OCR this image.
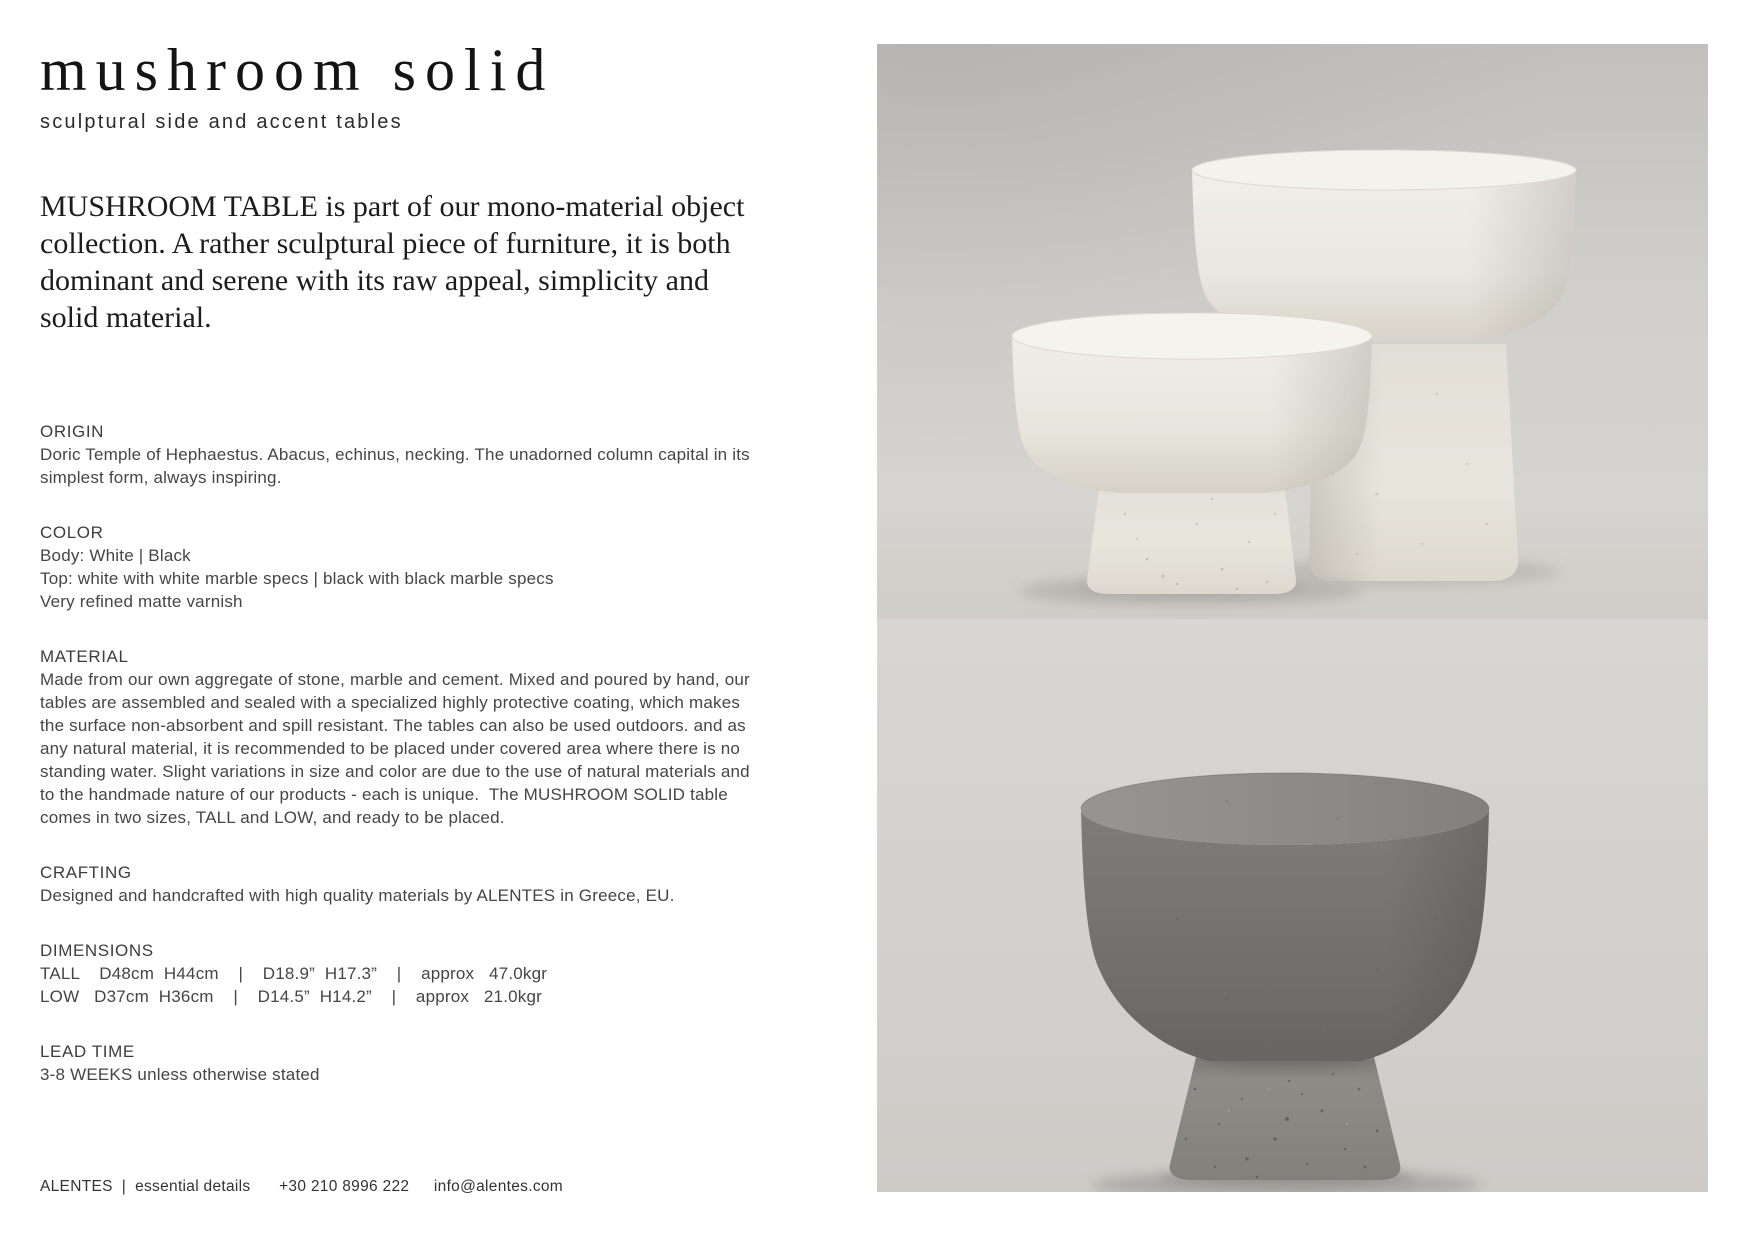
mushroom solid
sculptural side and accent tables

MUSHROOM TABLE is part of our mono-material object collection. A rather sculptural piece of furniture, it is both dominant and serene with its raw appeal, simplicity and solid material.

ORIGIN

Doric Temple of Hephaestus. Abacus, echinus, necking. The unadorned column capital in its simplest form, always inspiring.

COLOR

Body: White | Black

Top: white with white marble specs | black with black marble specs

Very refined matte varnish

MATERIAL

Made from our own aggregate of stone, marble and cement. Mixed and poured by hand, our tables are assembled and sealed with a specialized highly protective coating, which makes the surface non-absorbent and spill resistant. The tables can also be used outdoors. and as any natural material, it is recommended to be placed under covered area where there is no standing water. Slight variations in size and color are due to the use of natural materials and to the handmade nature of our products - each is unique.  The MUSHROOM SOLID table comes in two sizes, TALL and LOW, and ready to be placed.

CRAFTING

Designed and handcrafted with high quality materials by ALENTES in Greece, EU.

DIMENSIONS

TALL    D48cm  H44cm    |    D18.9”  H17.3”    |    approx   47.0kgr

LOW   D37cm  H36cm    |    D14.5”  H14.2”    |    approx   21.0kgr

LEAD TIME

3-8 WEEKS unless otherwise stated

ALENTES | essential details +30 210 8996 222 info@alentes.com
